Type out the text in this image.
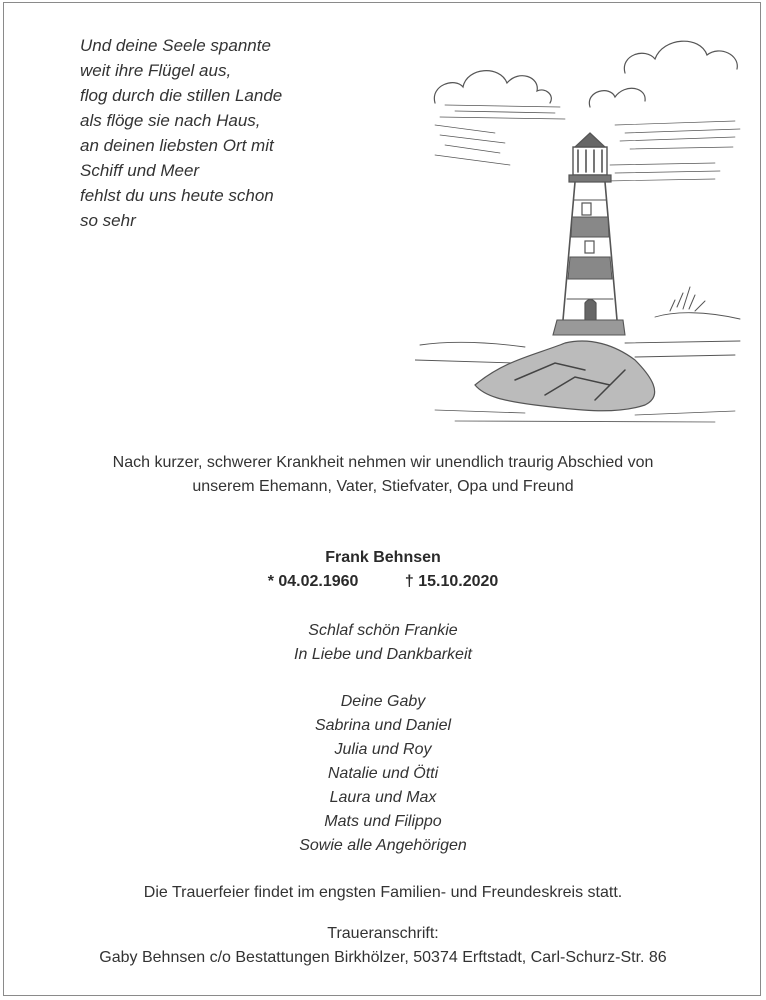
Und deine Seele spannte
weit ihre Flügel aus,
flog durch die stillen Lande
als flöge sie nach Haus,
an deinen liebsten Ort mit
Schiff und Meer
fehlst du uns heute schon
so sehr
Nach kurzer, schwerer Krankheit nehmen wir unendlich traurig Abschied von
unserem Ehemann, Vater, Stiefvater, Opa und Freund
Frank Behnsen
* 04.02.1960	† 15.10.2020
Schlaf schön Frankie
In Liebe und Dankbarkeit
Deine Gaby
Sabrina und Daniel
Julia und Roy
Natalie und Ötti
Laura und Max
Mats und Filippo
Sowie alle Angehörigen
Die Trauerfeier findet im engsten Familien- und Freundeskreis statt.
Traueranschrift:
Gaby Behnsen c/o Bestattungen Birkhölzer, 50374 Erftstadt, Carl-Schurz-Str. 86
